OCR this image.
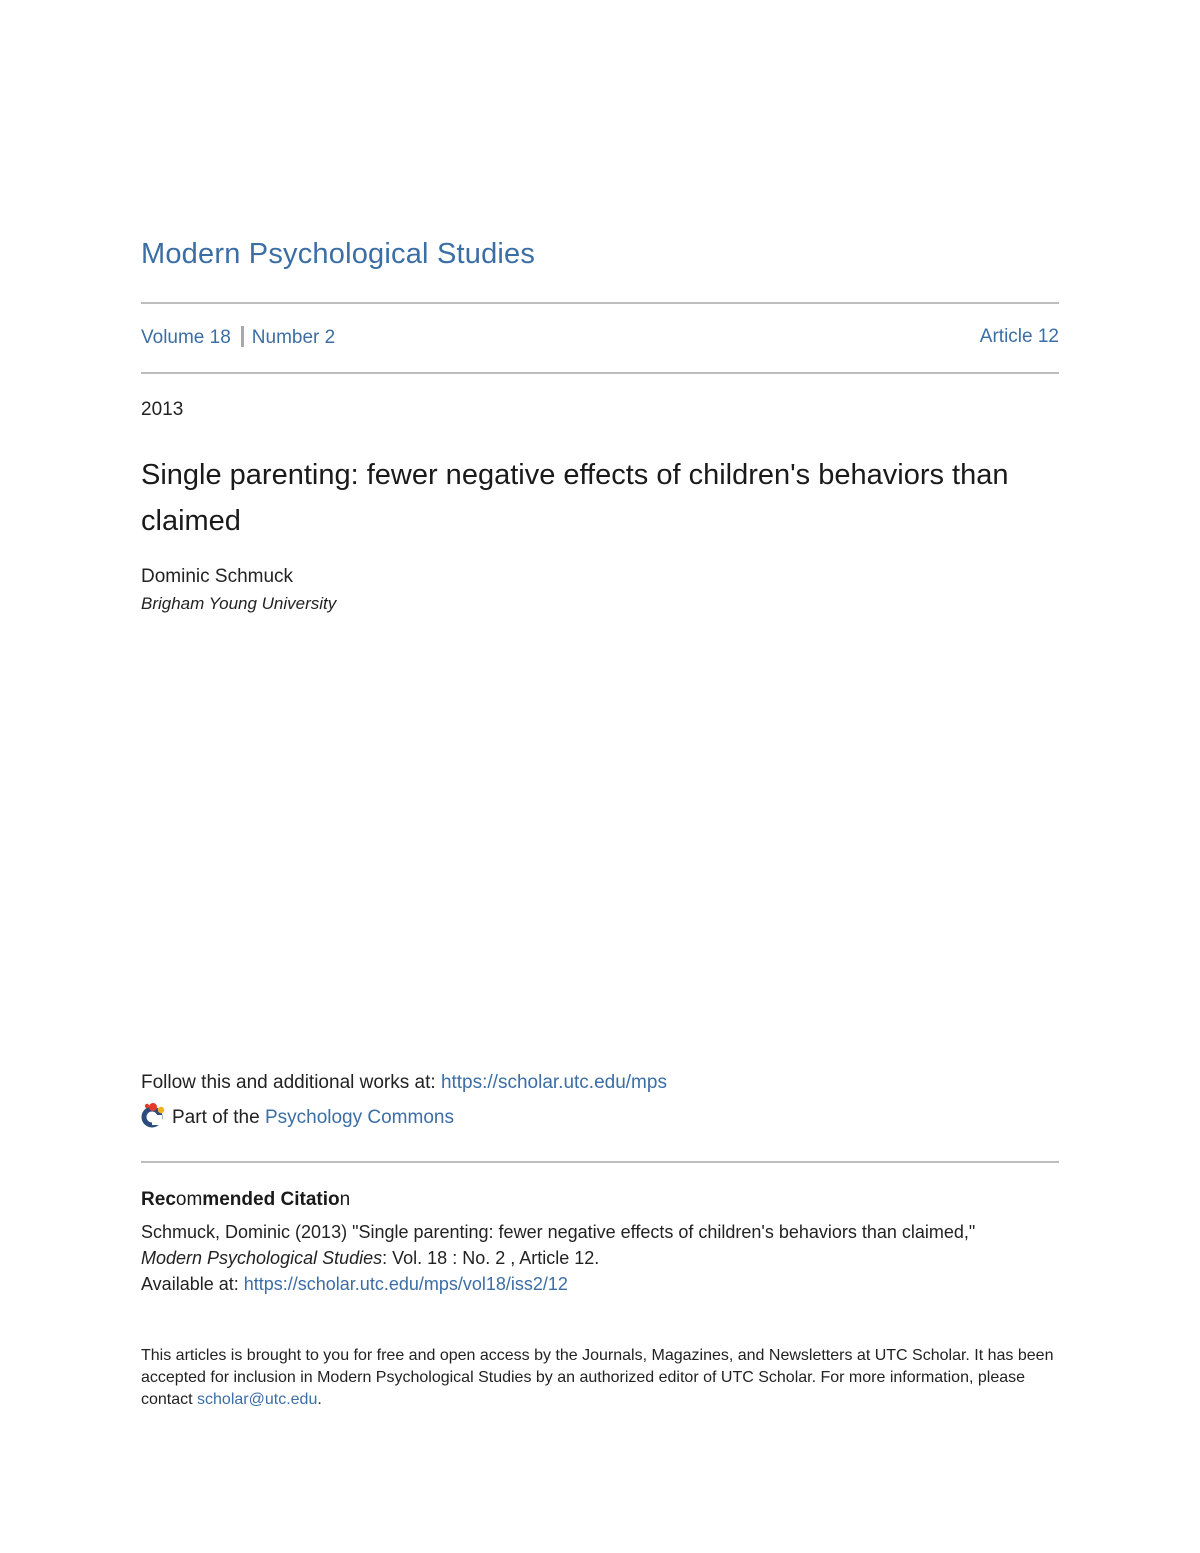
Modern Psychological Studies
Volume 18 Number 2	Article 12
2013
Single parenting: fewer negative effects of children's behaviors than claimed
Dominic Schmuck
Brigham Young University
Follow this and additional works at: https://scholar.utc.edu/mps
Part of the
Psychology Commons
Recommended Citation
Schmuck, Dominic (2013) "Single parenting: fewer negative effects of children's behaviors than claimed,"
Modern Psychological Studies: Vol. 18 : No. 2 , Article 12.
Available at: https://scholar.utc.edu/mps/vol18/iss2/12
This articles is brought to you for free and open access by the Journals, Magazines, and Newsletters at UTC Scholar. It has been accepted for inclusion in Modern Psychological Studies by an authorized editor of UTC Scholar. For more information, please contact scholar@utc.edu.
